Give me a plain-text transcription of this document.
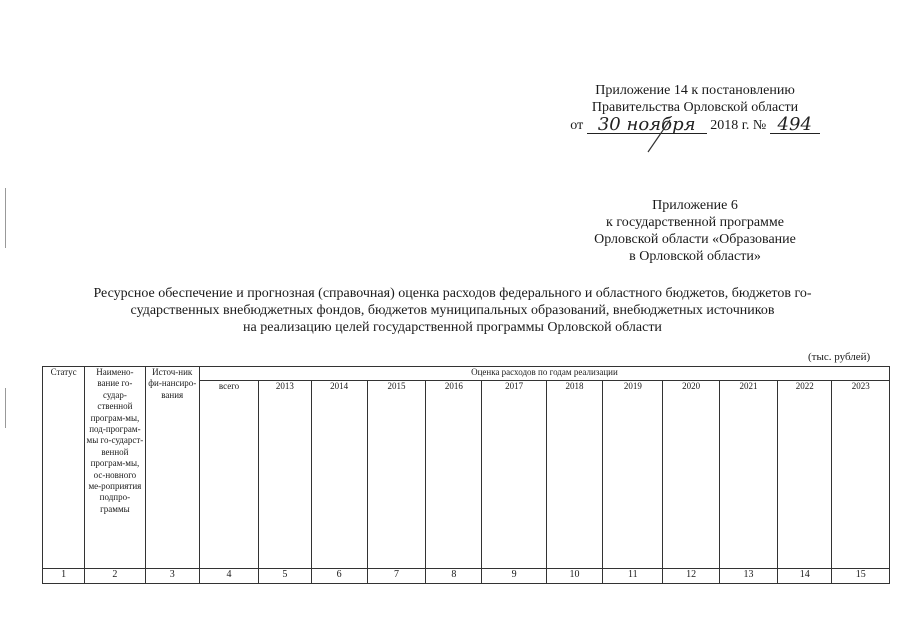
Приложение 14 к постановлению
Правительства Орловской области
от 30 ноября 2018 г. № 494
Приложение 6
к государственной программе
Орловской области «Образование
в Орловской области»
Ресурсное обеспечение и прогнозная (справочная) оценка расходов федерального и областного бюджетов, бюджетов го-
сударственных внебюджетных фондов, бюджетов муниципальных образований, внебюджетных источников
на реализацию целей государственной программы Орловской области
(тыс. рублей)
Статус	Наимено-вание го-судар-ственной програм-мы, под-програм-мы го-сударст-венной програм-мы, ос-новного ме-роприятия подпро-граммы	Источ-ник фи-нансиро-вания	Оценка расходов по годам реализации											
			всего	2013	2014	2015	2016	2017	2018	2019	2020	2021	2022	2023
1	2	3	4	5	6	7	8	9	10	11	12	13	14	15
